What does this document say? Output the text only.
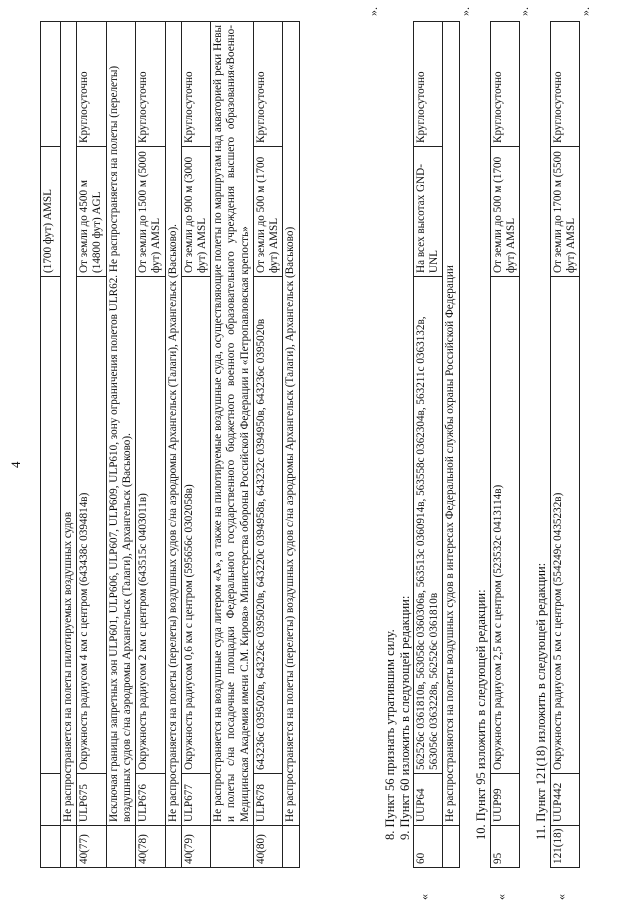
4
			(1700 фут) AMSL	
	Не распространяется на полеты пилотируемых воздушных судов			
40(77)	ULP675	Окружность радиусом 4 км с центром (643438с 0394814в)	От земли до 4500 м (14800 фут) AGL	Круглосуточно
	Исключая границы запретных зон ULP601, ULP606, ULP607, ULP609, ULP610, зону ограничения полетов ULR62. Не распространяется на полеты (перелеты) воздушных судов с/на аэродромы Архангельск (Талаги), Архангельск (Васьково).			
40(78)	ULP676	Окружность радиусом 2 км с центром (643515с 0403011в)	От земли до 1500 м (5000 фут) AMSL	Круглосуточно
	Не распространяется на полеты (перелеты) воздушных судов с/на аэродромы Архангельск (Талаги), Архангельск (Васьково).			
40(79)	ULP677	Окружность радиусом 0,6 км с центром (595656с 0302058в)	От земли до 900 м (3000 фут) AMSL	Круглосуточно
	Не распространяется на воздушные суда литером «А», а также на пилотируемые воздушные суда, осуществляющие полеты по маршрутам над акваторией реки Невы и полеты с/на посадочные площадки Федерального государственного бюджетного военного образовательного учреждения высшего образования«Военно-Медицинская Академия имени С.М. Кирова» Министерства обороны Российской Федерации и «Петропавловская крепость»			
40(80)	ULP678	643236с 0395020в, 643226с 0395020в, 643220с 0394958в, 643232с 0394950в, 643236с 0395020в	От земли до 500 м (1700 фут) AMSL	Круглосуточно
	Не распространяется на полеты (перелеты) воздушных судов с/на аэродромы Архангельск (Талаги), Архангельск (Васьково)			
».
8. Пункт 56 признать утратившим силу. 9. Пункт 60 изложить в следующей редакции:
«
60	UUP64	562526с 0361810в, 563058с 0360306в, 563513с 0360914в, 563558с 0362304в, 563211с 0363132в, 563056с 0363228в, 562526с 0361810в	На всех высотах GND-UNL	Круглосуточно
	Не распространяются на полеты воздушных судов в интересах Федеральной службы охраны Российской Федерации			
».
10. Пункт 95 изложить в следующей редакции:
«
95	UUP99	Окружность радиусом 2,5 км с центром (523532с 0413114в)	От земли до 500 м (1700 фут) AMSL	Круглосуточно
».
11. Пункт 121(18) изложить в следующей редакции:
«
121(18)	UUP442	Окружность радиусом 5 км с центром (554249с 0435232в)	От земли до 1700 м (5500 фут) AMSL	Круглосуточно
».
